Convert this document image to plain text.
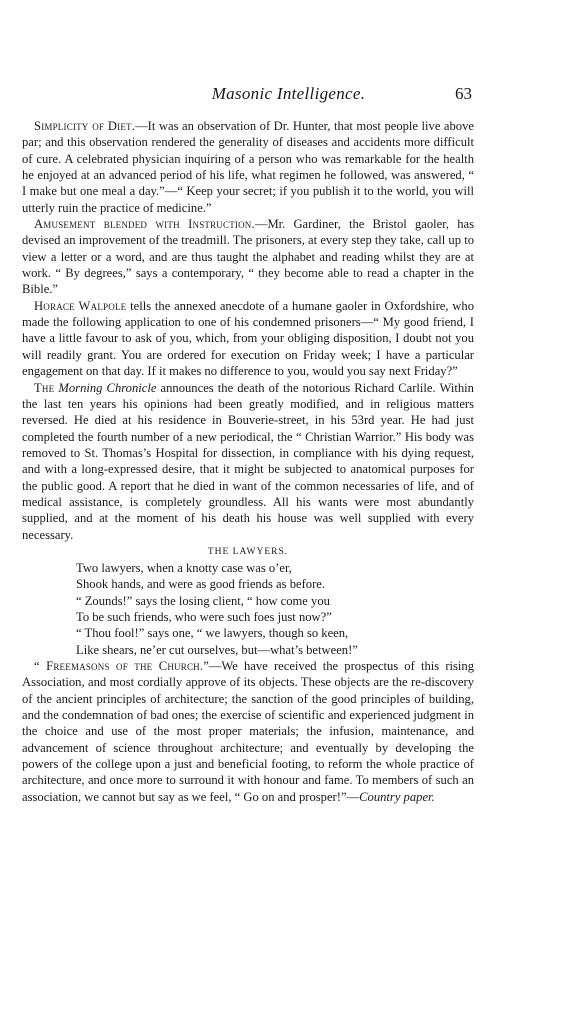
Masonic Intelligence.	63

Simplicity of Diet.—It was an observation of Dr. Hunter, that most people live above par; and this observation rendered the generality of diseases and accidents more difficult of cure. A celebrated physician inquiring of a person who was remarkable for the health he enjoyed at an advanced period of his life, what regimen he followed, was answered, “ I make but one meal a day.”—“ Keep your secret; if you publish it to the world, you will utterly ruin the practice of medicine.”

Amusement blended with Instruction.—Mr. Gardiner, the Bristol gaoler, has devised an improvement of the treadmill. The prisoners, at every step they take, call up to view a letter or a word, and are thus taught the alphabet and reading whilst they are at work. “ By degrees,” says a contemporary, “ they become able to read a chapter in the Bible.”

Horace Walpole tells the annexed anecdote of a humane gaoler in Oxfordshire, who made the following application to one of his condemned prisoners—“ My good friend, I have a little favour to ask of you, which, from your obliging disposition, I doubt not you will readily grant. You are ordered for execution on Friday week; I have a particular engagement on that day. If it makes no difference to you, would you say next Friday?”

The Morning Chronicle announces the death of the notorious Richard Carlile. Within the last ten years his opinions had been greatly modified, and in religious matters reversed. He died at his residence in Bouverie-street, in his 53rd year. He had just completed the fourth number of a new periodical, the “ Christian Warrior.” His body was removed to St. Thomas’s Hospital for dissection, in compliance with his dying request, and with a long-expressed desire, that it might be subjected to anatomical purposes for the public good. A report that he died in want of the common necessaries of life, and of medical assistance, is completely groundless. All his wants were most abundantly supplied, and at the moment of his death his house was well supplied with every necessary.

THE LAWYERS.
Two lawyers, when a knotty case was o’er,
Shook hands, and were as good friends as before.
“ Zounds!” says the losing client, “ how come you
To be such friends, who were such foes just now?”
“ Thou fool!” says one, “ we lawyers, though so keen,
Like shears, ne’er cut ourselves, but—what’s between!”

“ Freemasons of the Church.”—We have received the prospectus of this rising Association, and most cordially approve of its objects. These objects are the re-discovery of the ancient principles of architecture; the sanction of the good principles of building, and the condemnation of bad ones; the exercise of scientific and experienced judgment in the choice and use of the most proper materials; the infusion, maintenance, and advancement of science throughout architecture; and eventually by developing the powers of the college upon a just and beneficial footing, to reform the whole practice of architecture, and once more to surround it with honour and fame. To members of such an association, we cannot but say as we feel, “ Go on and prosper!”—Country paper.
